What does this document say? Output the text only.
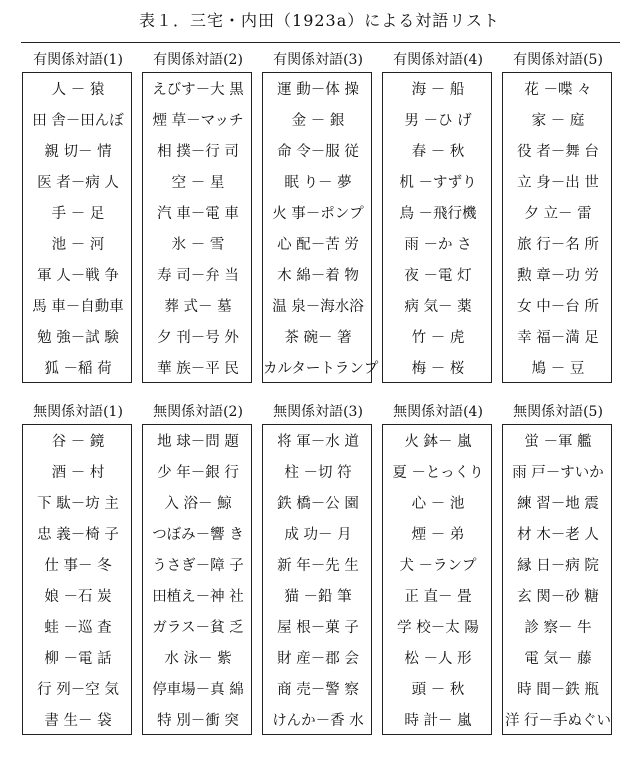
表１．三宅・内田（1923a）による対語リスト
有関係対語(1)
人 － 猿
田 舎－田んぼ
親 切－ 情
医 者－病 人
手 － 足
池 － 河
軍 人－戦 争
馬 車－自動車
勉 強－試 験
狐 －稲 荷
有関係対語(2)
えびす－大 黒
煙 草－マッチ
相 撲－行 司
空 － 星
汽 車－電 車
氷 － 雪
寿 司－弁 当
葬 式－ 墓
夕 刊－号 外
華 族－平 民
有関係対語(3)
運 動－体 操
金 － 銀
命 令－服 従
眠 り－ 夢
火 事－ポンプ
心 配－苦 労
木 綿－着 物
温 泉－海水浴
茶 碗－ 箸
カルタートランプ
有関係対語(4)
海 － 船
男 －ひ げ
春 － 秋
机 －すずり
鳥 －飛行機
雨 －か さ
夜 －電 灯
病 気－ 薬
竹 － 虎
梅 － 桜
有関係対語(5)
花 －喋 々
家 － 庭
役 者－舞 台
立 身－出 世
夕 立－ 雷
旅 行－名 所
勲 章－功 労
女 中－台 所
幸 福－満 足
鳩 － 豆
無関係対語(1)
谷 － 鏡
酒 － 村
下 駄－坊 主
忠 義－椅 子
仕 事－ 冬
娘 －石 炭
蛙 －巡 査
柳 －電 話
行 列－空 気
書 生－ 袋
無関係対語(2)
地 球－問 題
少 年－銀 行
入 浴－ 鯨
つぼみ－響 き
うさぎ－障 子
田植え－神 社
ガラス－貧 乏
水 泳－ 紫
停車場－真 綿
特 別－衝 突
無関係対語(3)
将 軍－水 道
柱 －切 符
鉄 橋－公 園
成 功－ 月
新 年－先 生
猫 －鉛 筆
屋 根－菓 子
財 産－郡 会
商 売－警 察
けんか－香 水
無関係対語(4)
火 鉢－ 嵐
夏 －とっくり
心 － 池
煙 － 弟
犬 －ランプ
正 直－ 畳
学 校－太 陽
松 －人 形
頭 － 秋
時 計－ 嵐
無関係対語(5)
蛍 －軍 艦
雨 戸－すいか
練 習－地 震
材 木－老 人
縁 日－病 院
玄 関－砂 糖
診 察－ 牛
電 気－ 藤
時 間－鉄 瓶
洋 行－手ぬぐい
